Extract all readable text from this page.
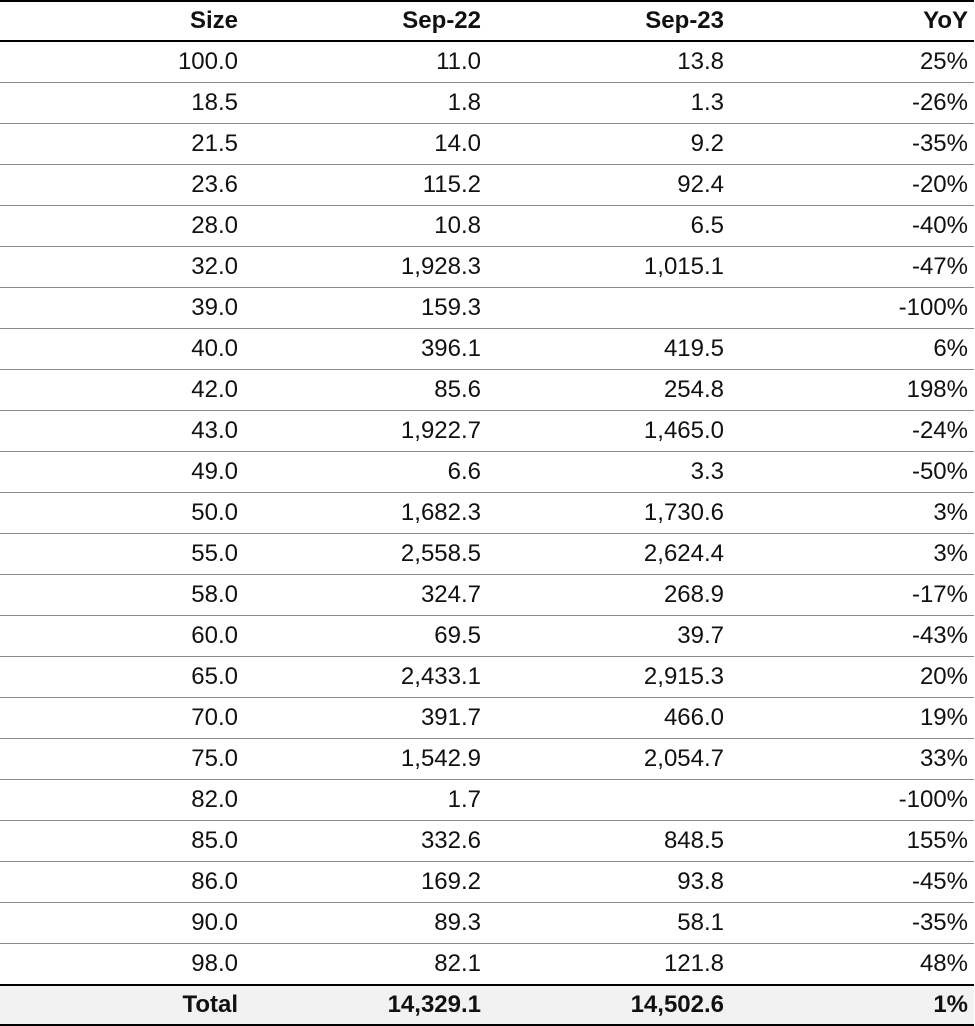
Size	Sep-22	Sep-23	YoY
100.0	11.0	13.8	25%
18.5	1.8	1.3	-26%
21.5	14.0	9.2	-35%
23.6	115.2	92.4	-20%
28.0	10.8	6.5	-40%
32.0	1,928.3	1,015.1	-47%
39.0	159.3		-100%
40.0	396.1	419.5	6%
42.0	85.6	254.8	198%
43.0	1,922.7	1,465.0	-24%
49.0	6.6	3.3	-50%
50.0	1,682.3	1,730.6	3%
55.0	2,558.5	2,624.4	3%
58.0	324.7	268.9	-17%
60.0	69.5	39.7	-43%
65.0	2,433.1	2,915.3	20%
70.0	391.7	466.0	19%
75.0	1,542.9	2,054.7	33%
82.0	1.7		-100%
85.0	332.6	848.5	155%
86.0	169.2	93.8	-45%
90.0	89.3	58.1	-35%
98.0	82.1	121.8	48%
Total	14,329.1	14,502.6	1%
